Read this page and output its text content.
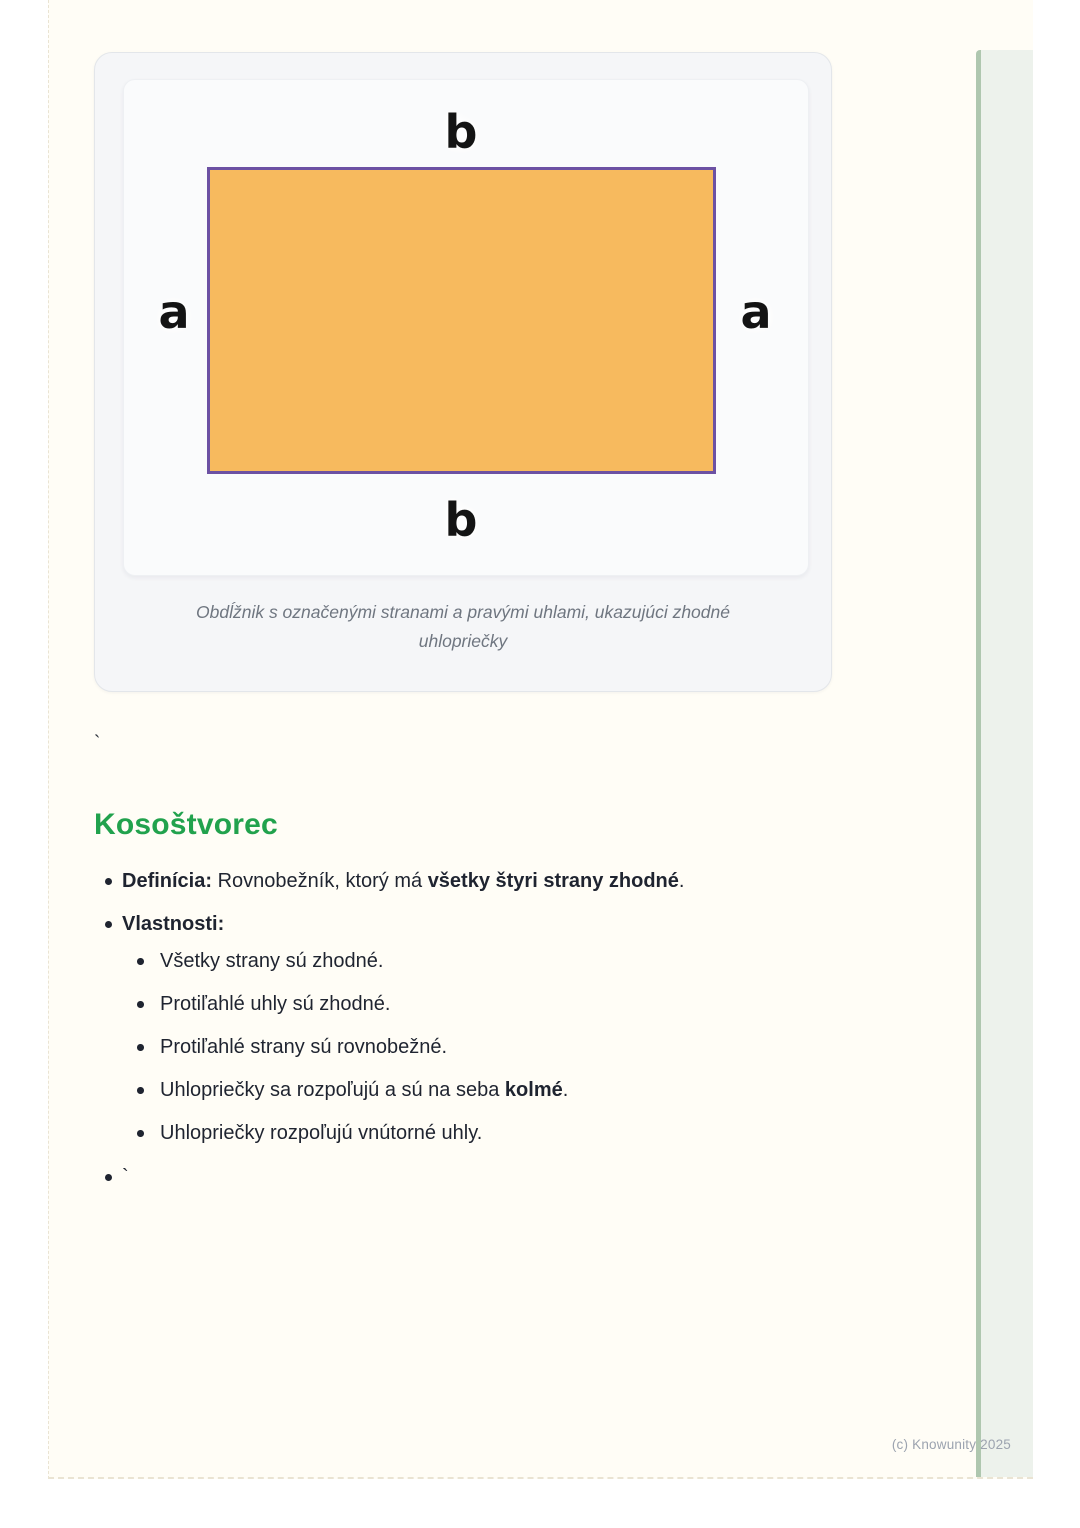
b
b
a	a
Obdĺžnik s označenými stranami a pravými uhlami, ukazujúci zhodné
uhlopriečky
`
Kosoštvorec
Definícia: Rovnobežník, ktorý má všetky štyri strany zhodné.
Vlastnosti:
Všetky strany sú zhodné.
Protiľahlé uhly sú zhodné.
Protiľahlé strany sú rovnobežné.
Uhlopriečky sa rozpoľujú a sú na seba kolmé.
Uhlopriečky rozpoľujú vnútorné uhly.
`
(c) Knowunity 2025
